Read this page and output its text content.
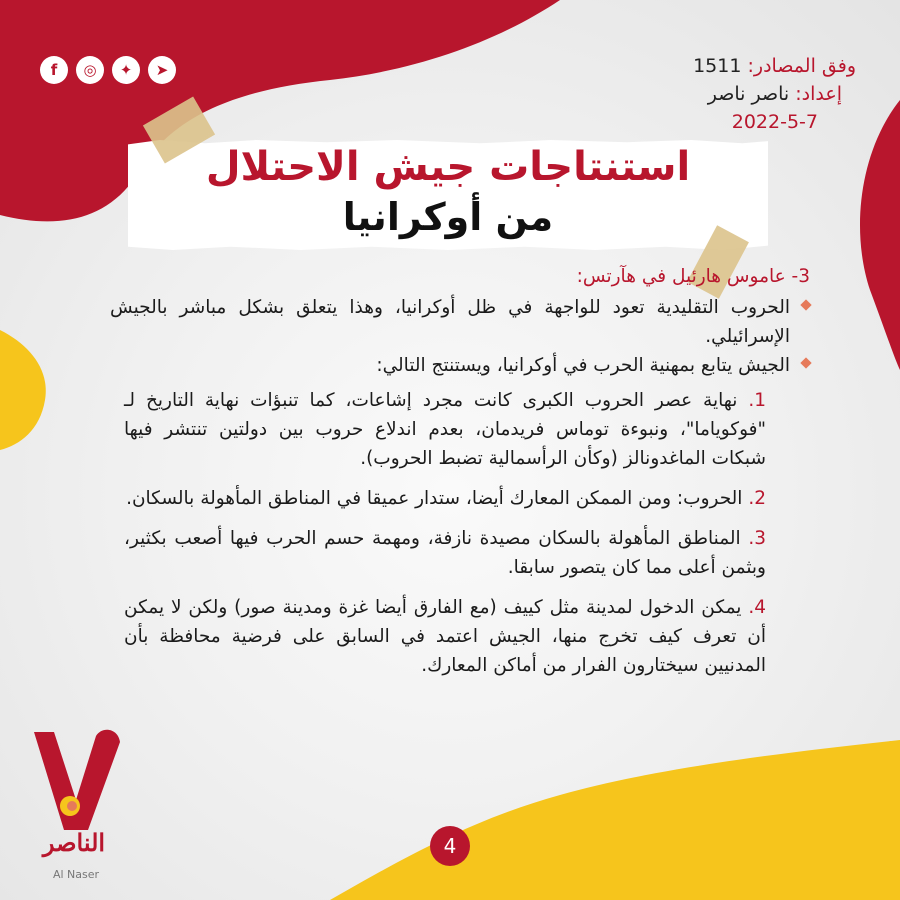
f	◎	✦	➤	وفق المصادر: 1511
إعداد: ناصر ناصر
2022-5-7
استنتاجات جيش الاحتلال
من أوكرانيا

3- عاموس هارئيل في هآرتس:

الحروب التقليدية تعود للواجهة في ظل أوكرانيا، وهذا يتعلق بشكل مباشر بالجيش الإسرائيلي.

الجيش يتابع بمهنية الحرب في أوكرانيا، ويستنتج التالي:

1. نهاية عصر الحروب الكبرى كانت مجرد إشاعات، كما تنبؤات نهاية التاريخ لـ "فوكوياما"، ونبوءة توماس فريدمان، بعدم اندلاع حروب بين دولتين تنتشر فيها شبكات الماغدونالز (وكأن الرأسمالية تضبط الحروب).

2. الحروب: ومن الممكن المعارك أيضا، ستدار عميقا في المناطق المأهولة بالسكان.

3. المناطق المأهولة بالسكان مصيدة نازفة، ومهمة حسم الحرب فيها أصعب بكثير، وبثمن أعلى مما كان يتصور سابقا.

4. يمكن الدخول لمدينة مثل كييف (مع الفارق أيضا غزة ومدينة صور) ولكن لا يمكن أن تعرف كيف تخرج منها، الجيش اعتمد في السابق على فرضية محافظة بأن المدنيين سيختارون الفرار من أماكن المعارك.

الناصر
Al Naser
4
